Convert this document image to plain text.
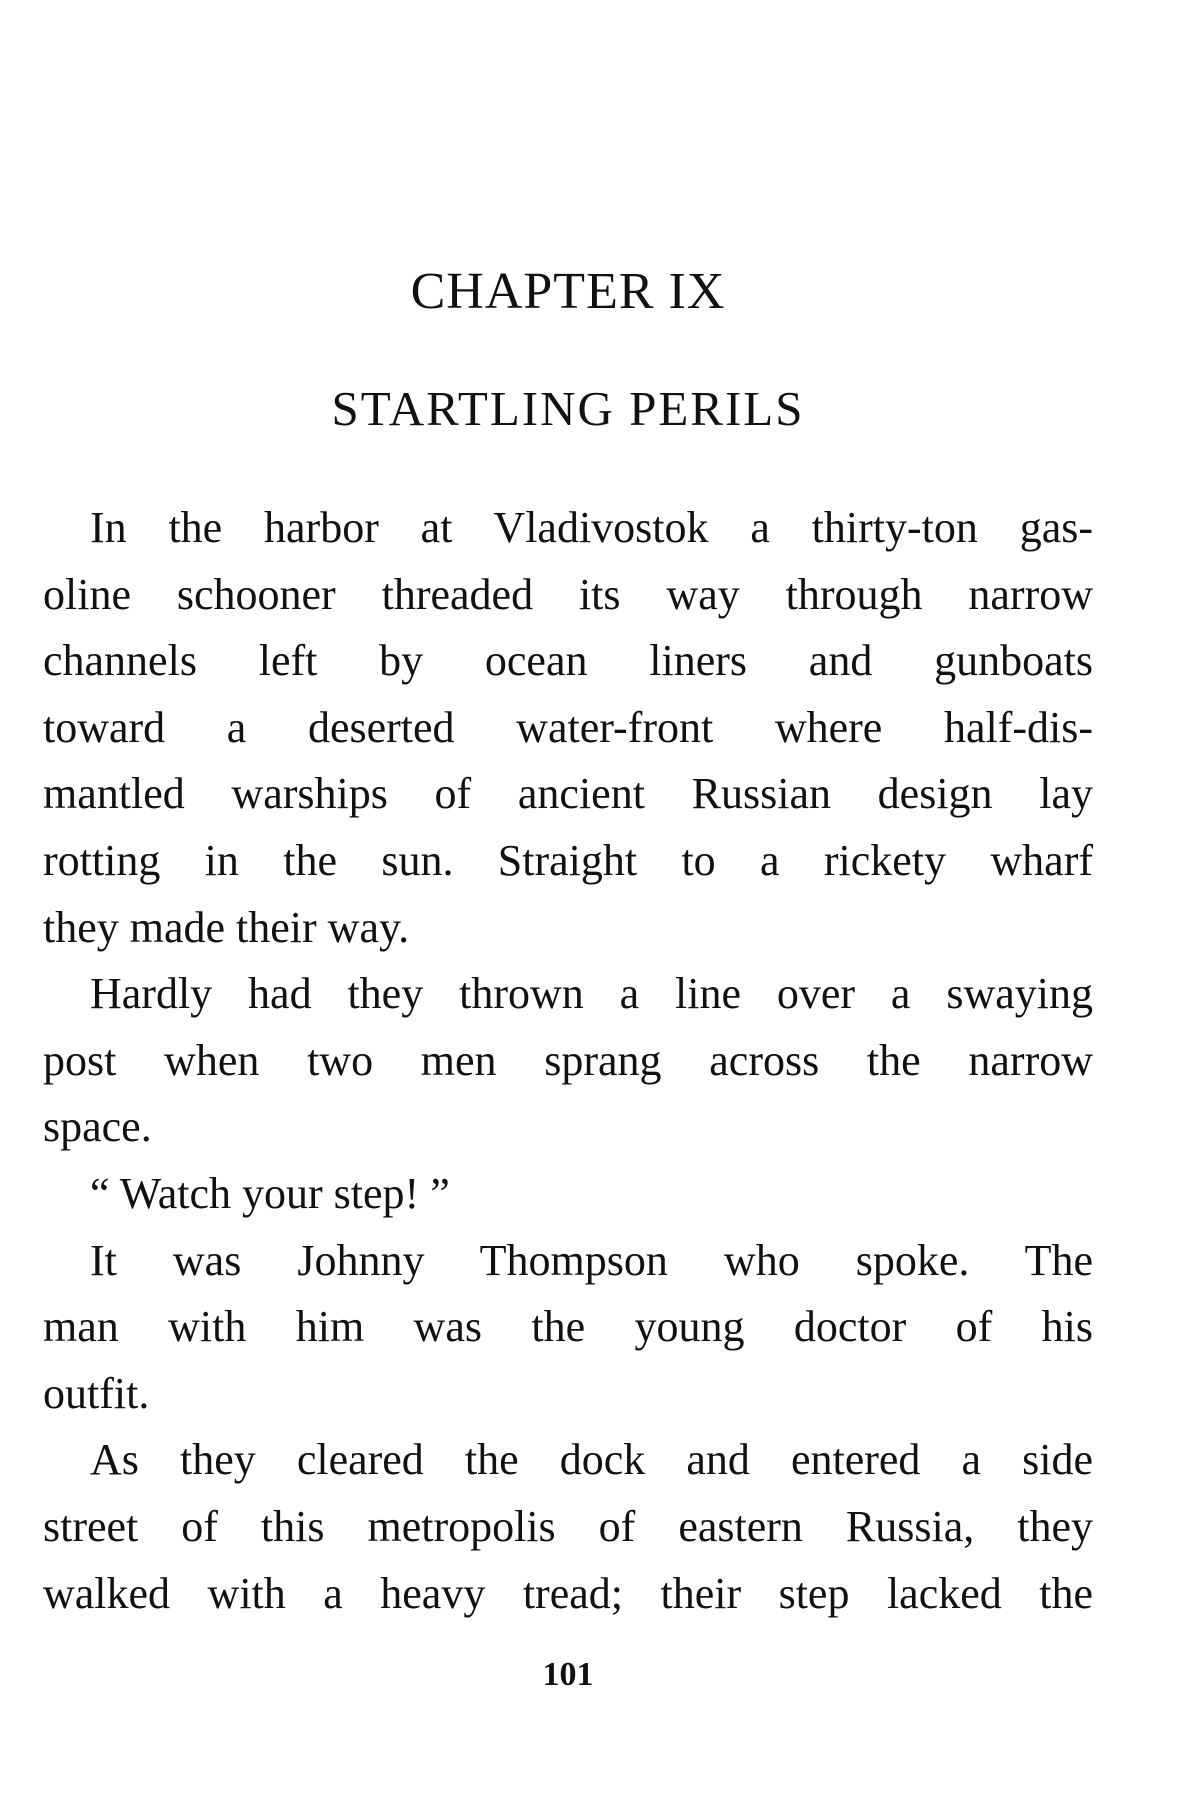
CHAPTER IX
STARTLING PERILS
In the harbor at Vladivostok a thirty-ton gas-
oline schooner threaded its way through narrow
channels left by ocean liners and gunboats
toward a deserted water-front where half-dis-
mantled warships of ancient Russian design lay
rotting in the sun. Straight to a rickety wharf
they made their way.
Hardly had they thrown a line over a swaying
post when two men sprang across the narrow
space.
“ Watch your step! ”
It was Johnny Thompson who spoke. The
man with him was the young doctor of his
outfit.
As they cleared the dock and entered a side
street of this metropolis of eastern Russia, they
walked with a heavy tread; their step lacked the
101
